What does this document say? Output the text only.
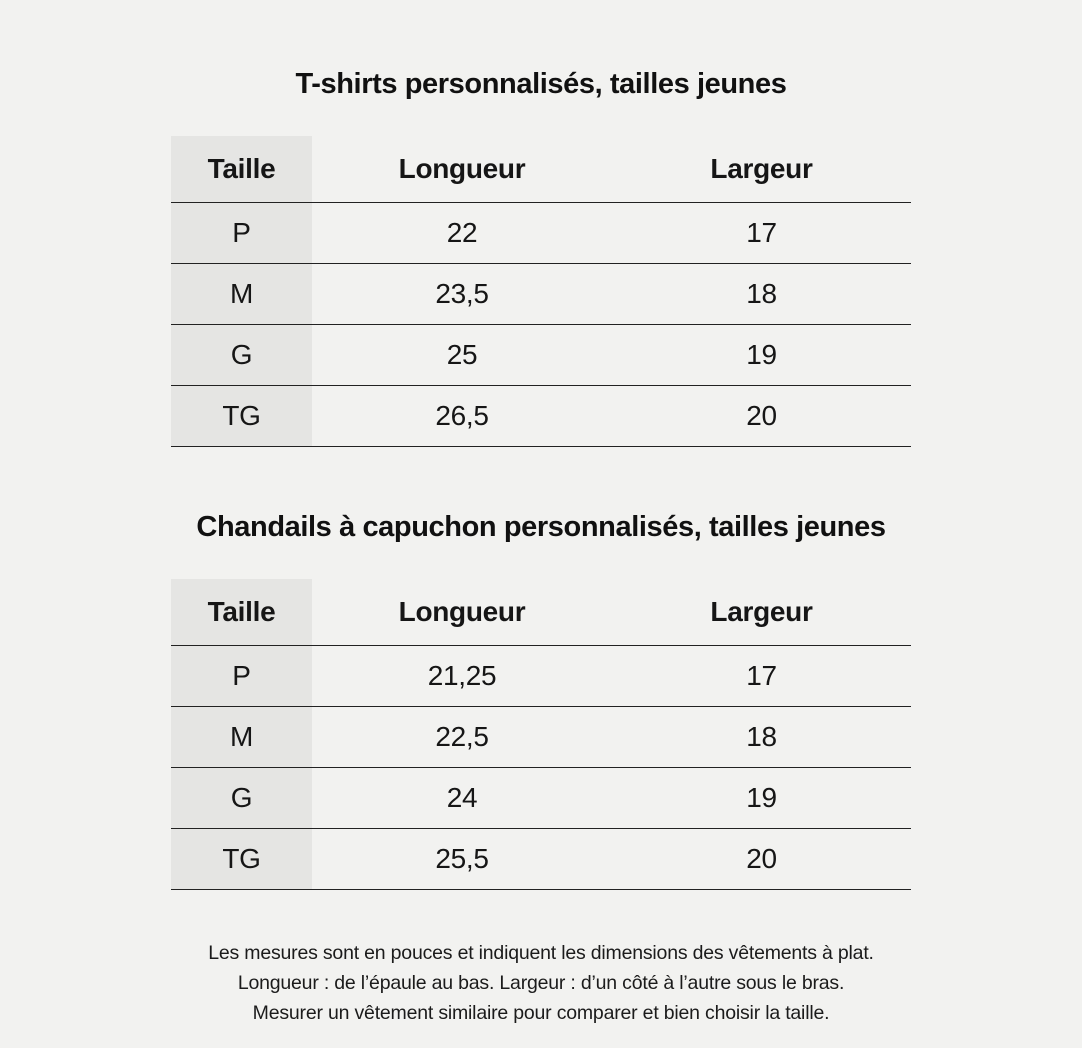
T-shirts personnalisés, tailles jeunes
Taille	Longueur	Largeur
P	22	17
M	23,5	18
G	25	19
TG	26,5	20
Chandails à capuchon personnalisés, tailles jeunes
Taille	Longueur	Largeur
P	21,25	17
M	22,5	18
G	24	19
TG	25,5	20
Les mesures sont en pouces et indiquent les dimensions des vêtements à plat.
Longueur : de l’épaule au bas. Largeur : d’un côté à l’autre sous le bras.
Mesurer un vêtement similaire pour comparer et bien choisir la taille.
